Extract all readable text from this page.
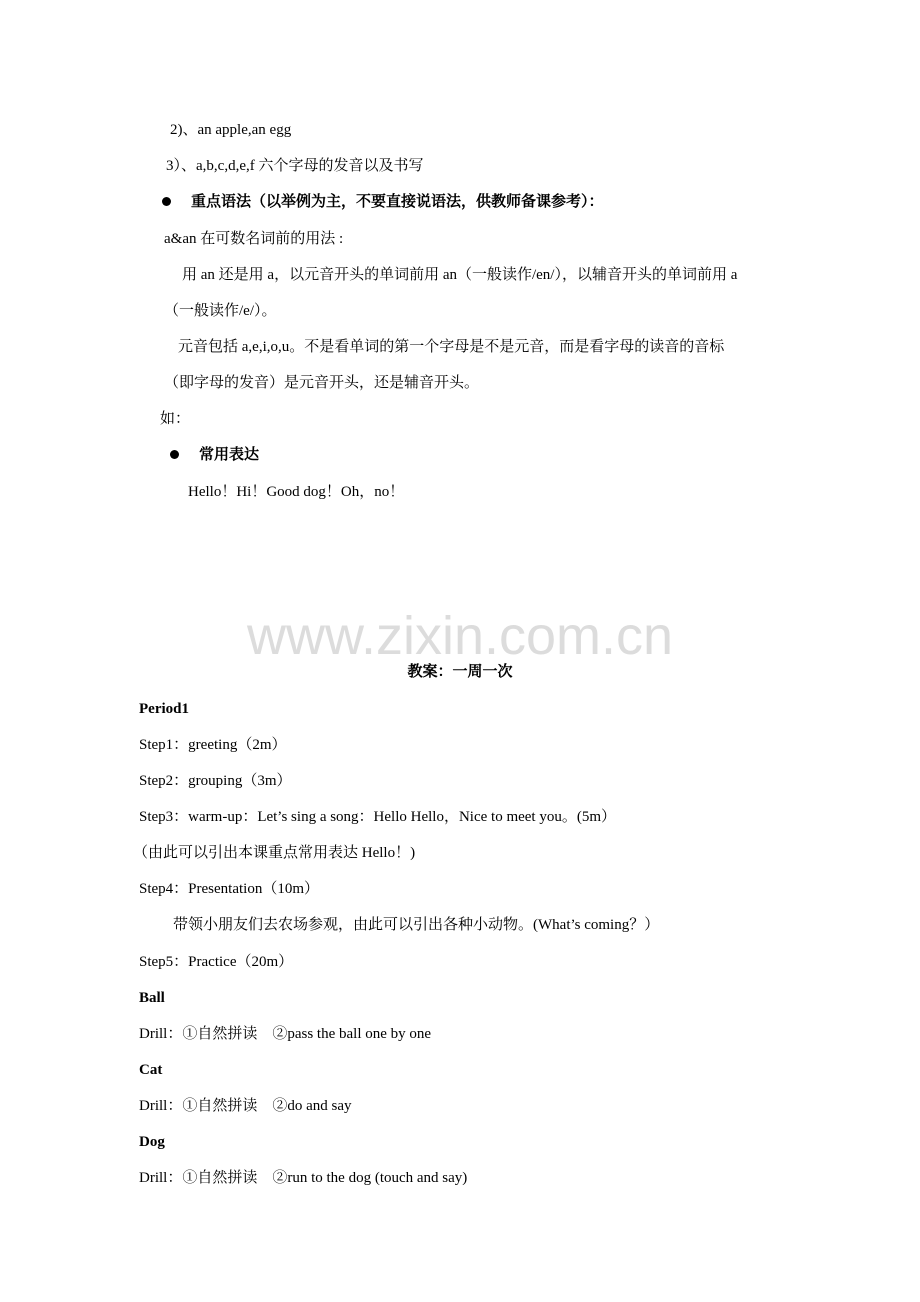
2)、an apple,an egg
3）、a,b,c,d,e,f 六个字母的发音以及书写
重点语法（以举例为主，不要直接说语法，供教师备课参考）：
a&an 在可数名词前的用法 :
用 an 还是用 a，以元音开头的单词前用 an（一般读作/en/），以辅音开头的单词前用 a
（一般读作/e/）。
元音包括 a,e,i,o,u。不是看单词的第一个字母是不是元音，而是看字母的读音的音标
（即字母的发音）是元音开头，还是辅音开头。
如：
常用表达
Hello！Hi！Good dog！Oh，no！
www.zixin.com.cn
教案：一周一次
Period1
Step1：greeting（2m）
Step2：grouping（3m）
Step3：warm-up：Let’s sing a song：Hello Hello，Nice to meet you。(5m）
（由此可以引出本课重点常用表达 Hello！)
Step4：Presentation（10m）
带领小朋友们去农场参观，由此可以引出各种小动物。(What’s coming？）
Step5：Practice（20m）
Ball
Drill：①自然拼读　②pass the ball one by one
Cat
Drill：①自然拼读　②do and say
Dog
Drill：①自然拼读　②run to the dog (touch and say)
